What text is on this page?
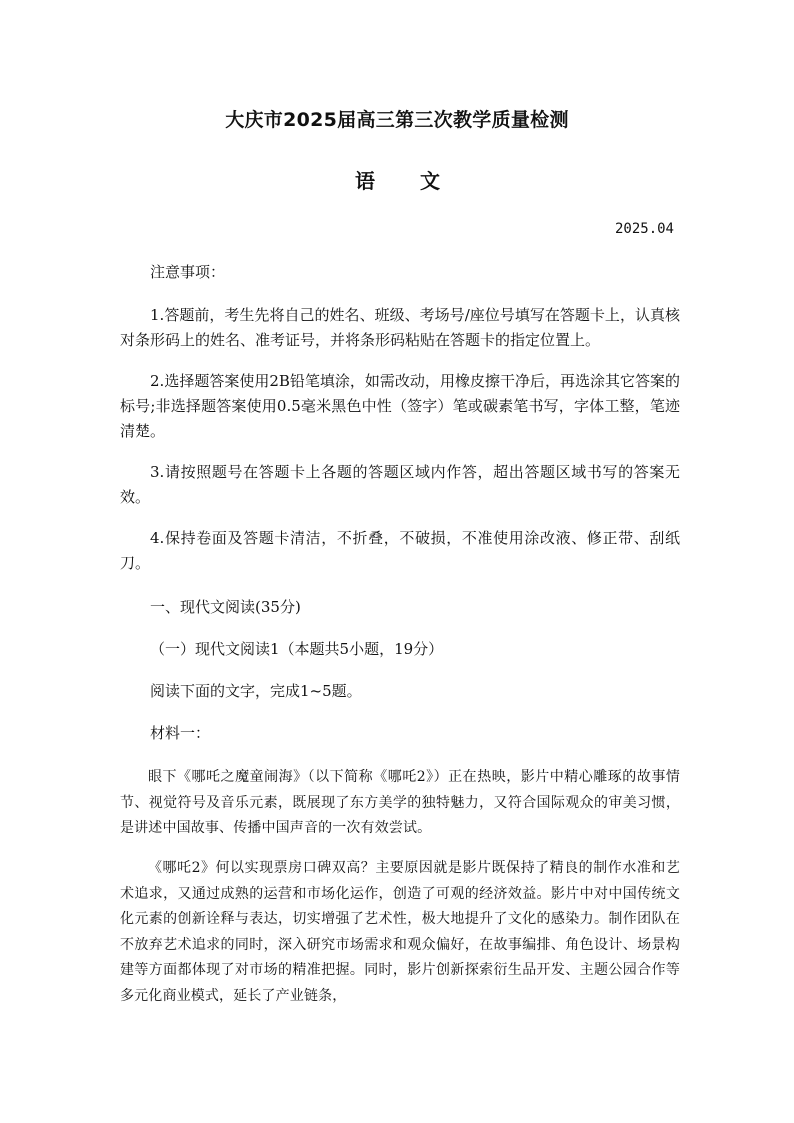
大庆市2025届高三第三次教学质量检测
语 文
2025.04
注意事项：
1.答题前，考生先将自己的姓名、班级、考场号/座位号填写在答题卡上，认真核对条形码上的姓名、准考证号，并将条形码粘贴在答题卡的指定位置上。
2.选择题答案使用2B铅笔填涂，如需改动，用橡皮擦干净后，再选涂其它答案的标号;非选择题答案使用0.5毫米黑色中性（签字）笔或碳素笔书写，字体工整，笔迹清楚。
3.请按照题号在答题卡上各题的答题区域内作答，超出答题区域书写的答案无效。
4.保持卷面及答题卡清洁，不折叠，不破损，不准使用涂改液、修正带、刮纸刀。
一、现代文阅读(35分)
（一）现代文阅读1（本题共5小题，19分）
阅读下面的文字，完成1~5题。
材料一：
眼下《哪吒之魔童闹海》（以下简称《哪吒2》）正在热映，影片中精心雕琢的故事情节、视觉符号及音乐元素，既展现了东方美学的独特魅力，又符合国际观众的审美习惯，是讲述中国故事、传播中国声音的一次有效尝试。
《哪吒2》何以实现票房口碑双高？主要原因就是影片既保持了精良的制作水准和艺术追求，又通过成熟的运营和市场化运作，创造了可观的经济效益。影片中对中国传统文化元素的创新诠释与表达，切实增强了艺术性，极大地提升了文化的感染力。制作团队在不放弃艺术追求的同时，深入研究市场需求和观众偏好，在故事编排、角色设计、场景构建等方面都体现了对市场的精准把握。同时，影片创新探索衍生品开发、主题公园合作等多元化商业模式，延长了产业链条，
